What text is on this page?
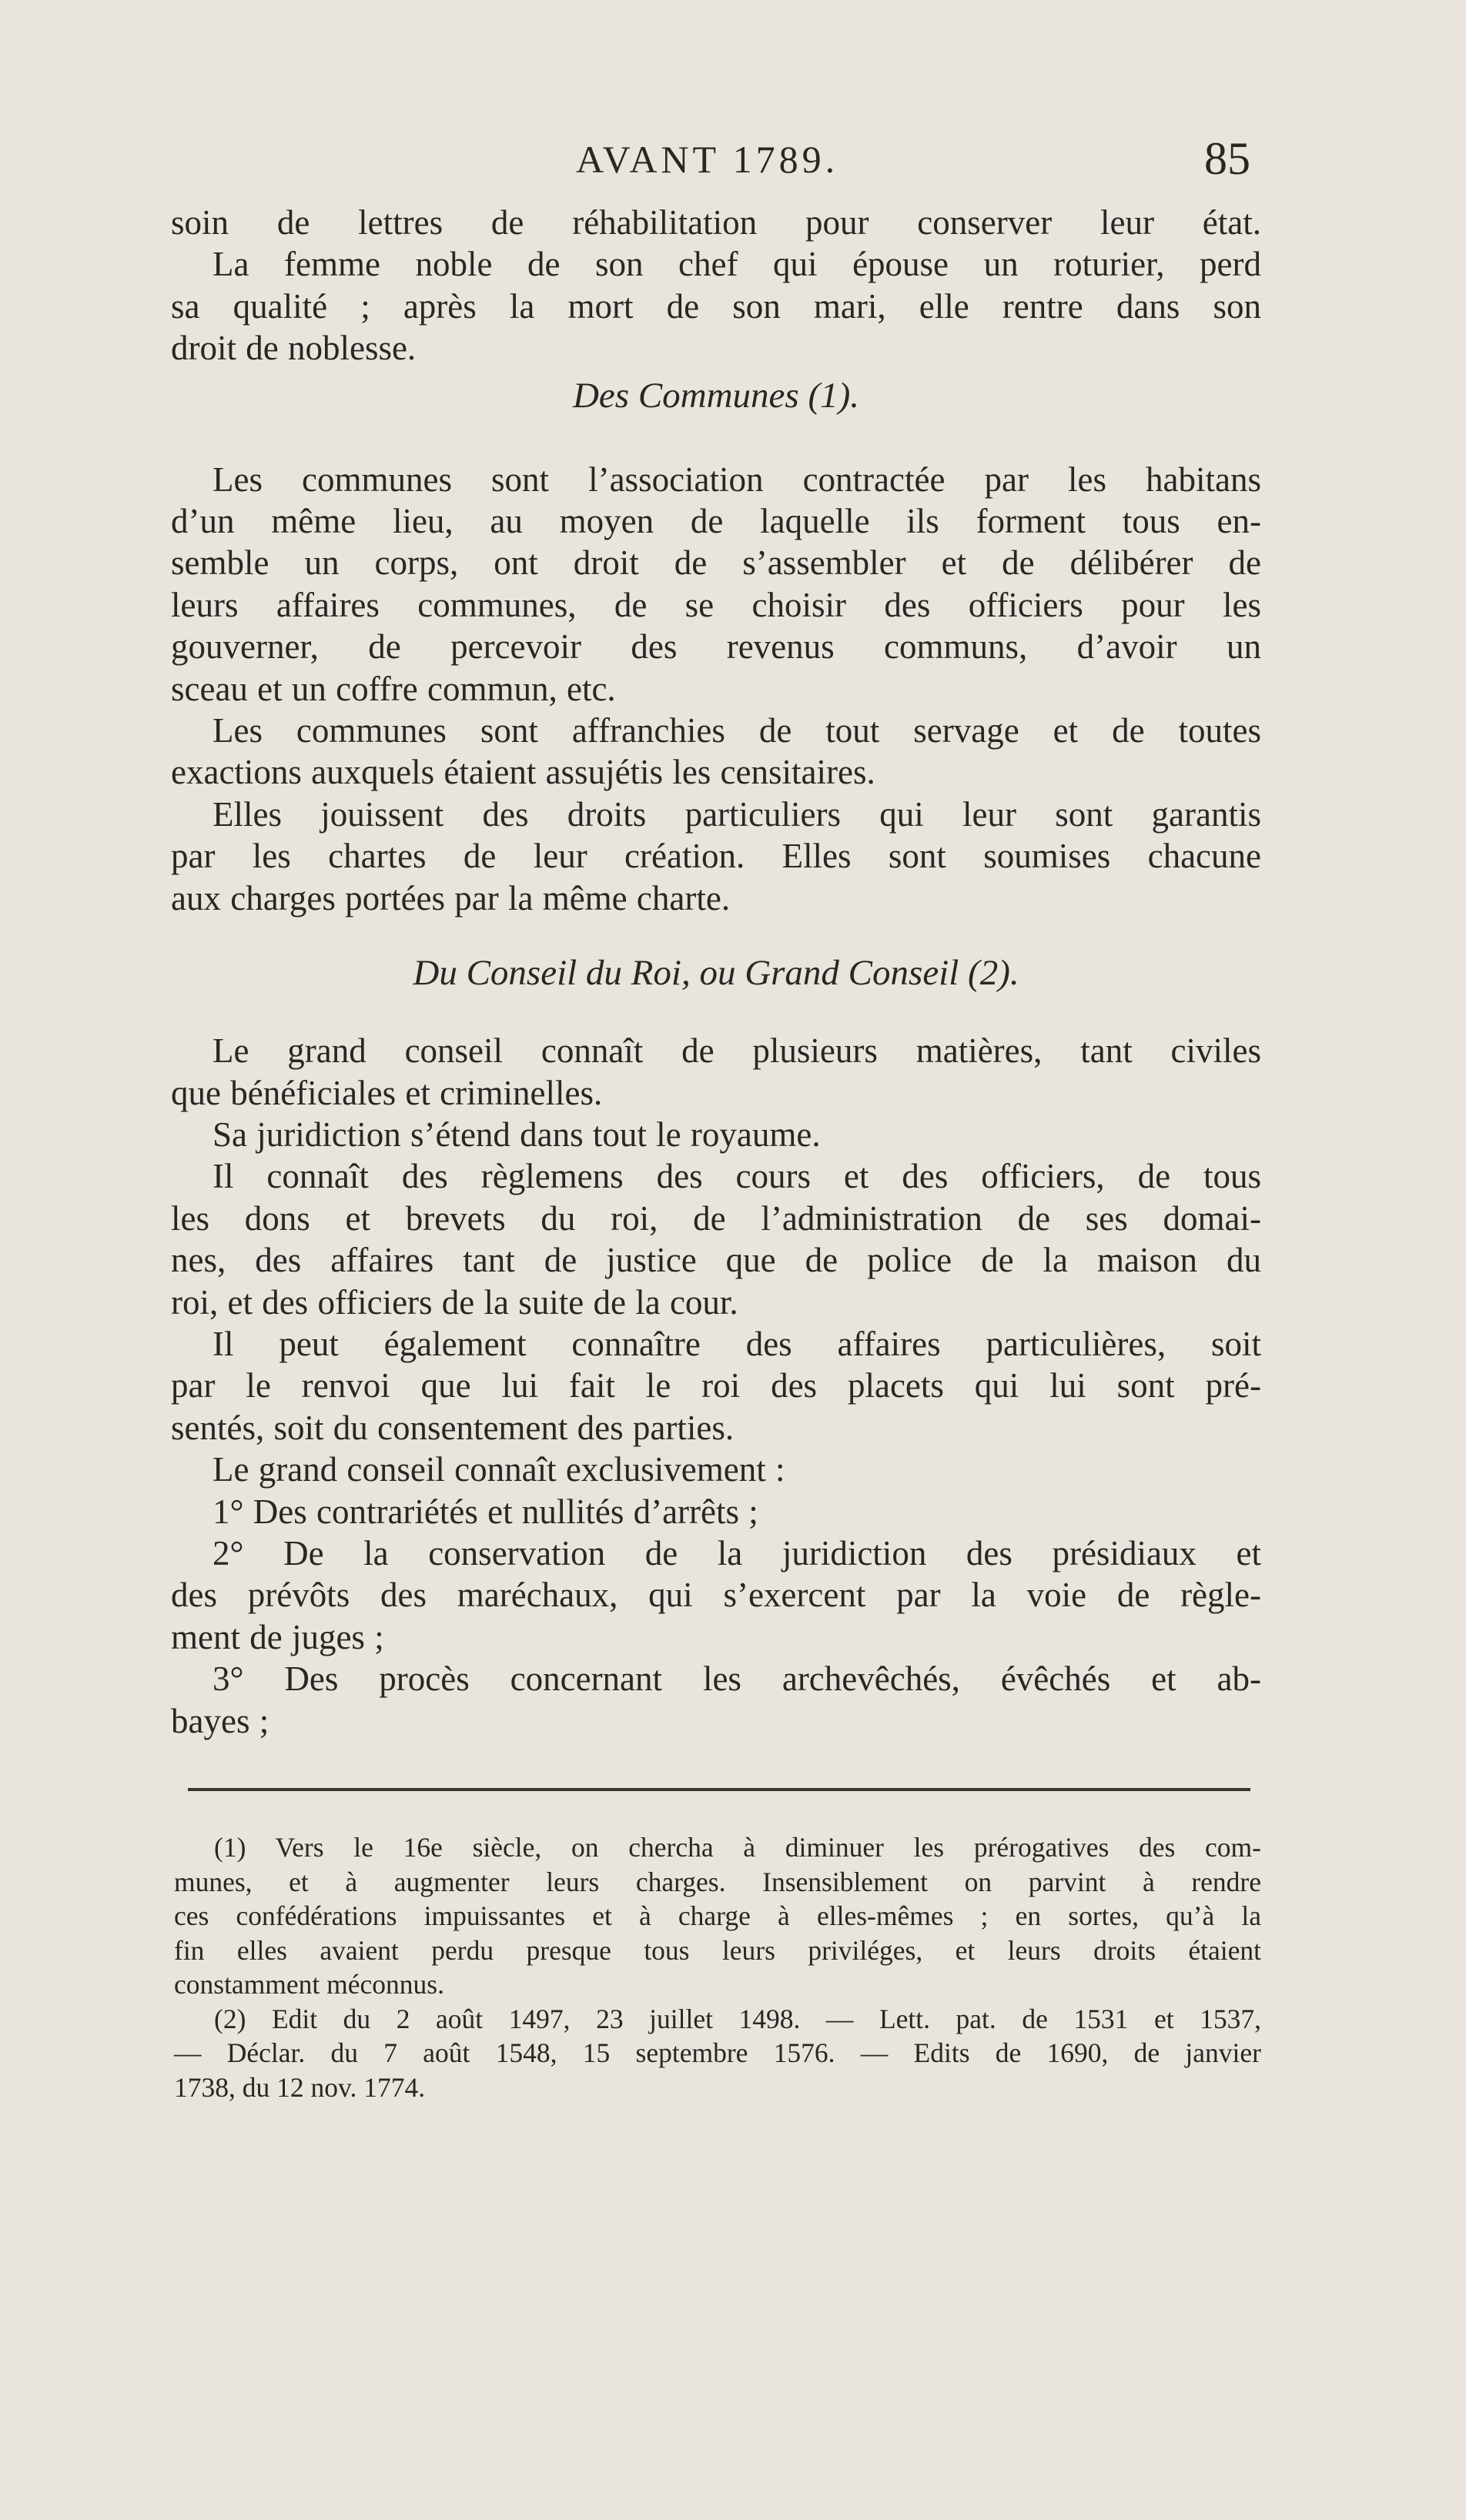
AVANT 1789.	85
soin de lettres de réhabilitation pour conserver leur état.
La femme noble de son chef qui épouse un roturier, perd
sa qualité ; après la mort de son mari, elle rentre dans son
droit de noblesse.
Des Communes (1).
Les communes sont l’association contractée par les habitans
d’un même lieu, au moyen de laquelle ils forment tous en-
semble un corps, ont droit de s’assembler et de délibérer de
leurs affaires communes, de se choisir des officiers pour les
gouverner, de percevoir des revenus communs, d’avoir un
sceau et un coffre commun, etc.
Les communes sont affranchies de tout servage et de toutes
exactions auxquels étaient assujétis les censitaires.
Elles jouissent des droits particuliers qui leur sont garantis
par les chartes de leur création. Elles sont soumises chacune
aux charges portées par la même charte.
Du Conseil du Roi, ou Grand Conseil (2).
Le grand conseil connaît de plusieurs matières, tant civiles
que bénéficiales et criminelles.
Sa juridiction s’étend dans tout le royaume.
Il connaît des règlemens des cours et des officiers, de tous
les dons et brevets du roi, de l’administration de ses domai-
nes, des affaires tant de justice que de police de la maison du
roi, et des officiers de la suite de la cour.
Il peut également connaître des affaires particulières, soit
par le renvoi que lui fait le roi des placets qui lui sont pré-
sentés, soit du consentement des parties.
Le grand conseil connaît exclusivement :
1° Des contrariétés et nullités d’arrêts ;
2° De la conservation de la juridiction des présidiaux et
des prévôts des maréchaux, qui s’exercent par la voie de règle-
ment de juges ;
3° Des procès concernant les archevêchés, évêchés et ab-
bayes ;
(1) Vers le 16e siècle, on chercha à diminuer les prérogatives des com-
munes, et à augmenter leurs charges. Insensiblement on parvint à rendre
ces confédérations impuissantes et à charge à elles-mêmes ; en sortes, qu’à la
fin elles avaient perdu presque tous leurs priviléges, et leurs droits étaient
constamment méconnus.
(2) Edit du 2 août 1497, 23 juillet 1498. — Lett. pat. de 1531 et 1537,
— Déclar. du 7 août 1548, 15 septembre 1576. — Edits de 1690, de janvier
1738, du 12 nov. 1774.
